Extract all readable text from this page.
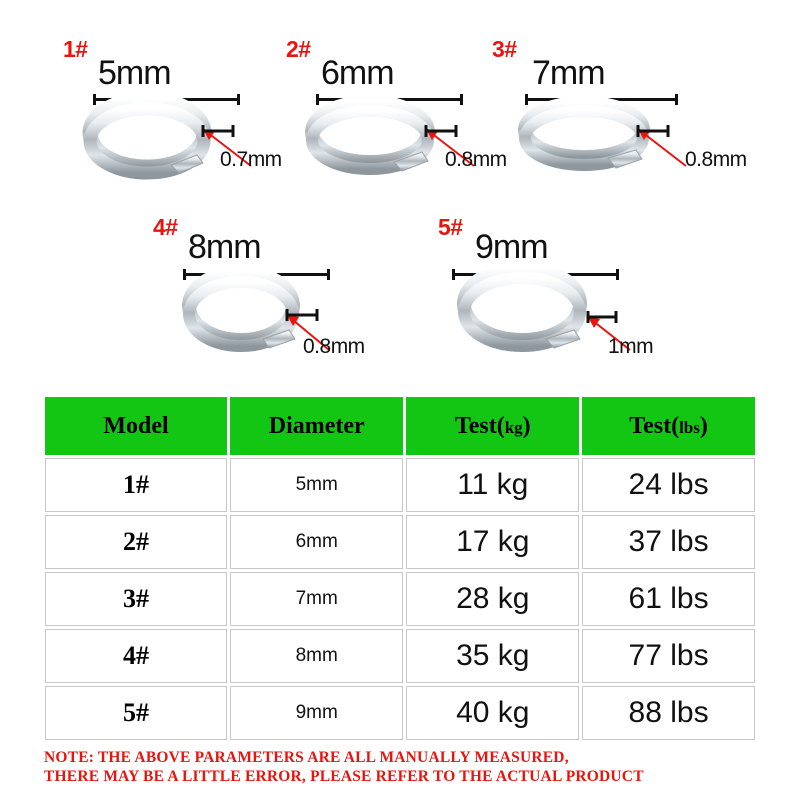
1#
5mm
0.7mm
2#
6mm
0.8mm
3#
7mm
0.8mm
4#
8mm
0.8mm
5#
9mm
1mm
Model	Diameter	Test(kg)	Test(lbs)
1#	5mm	11 kg	24 lbs
2#	6mm	17 kg	37 lbs
3#	7mm	28 kg	61 lbs
4#	8mm	35 kg	77 lbs
5#	9mm	40 kg	88 lbs
NOTE: THE ABOVE PARAMETERS ARE ALL MANUALLY MEASURED,
THERE MAY BE A LITTLE ERROR, PLEASE REFER TO THE ACTUAL PRODUCT
